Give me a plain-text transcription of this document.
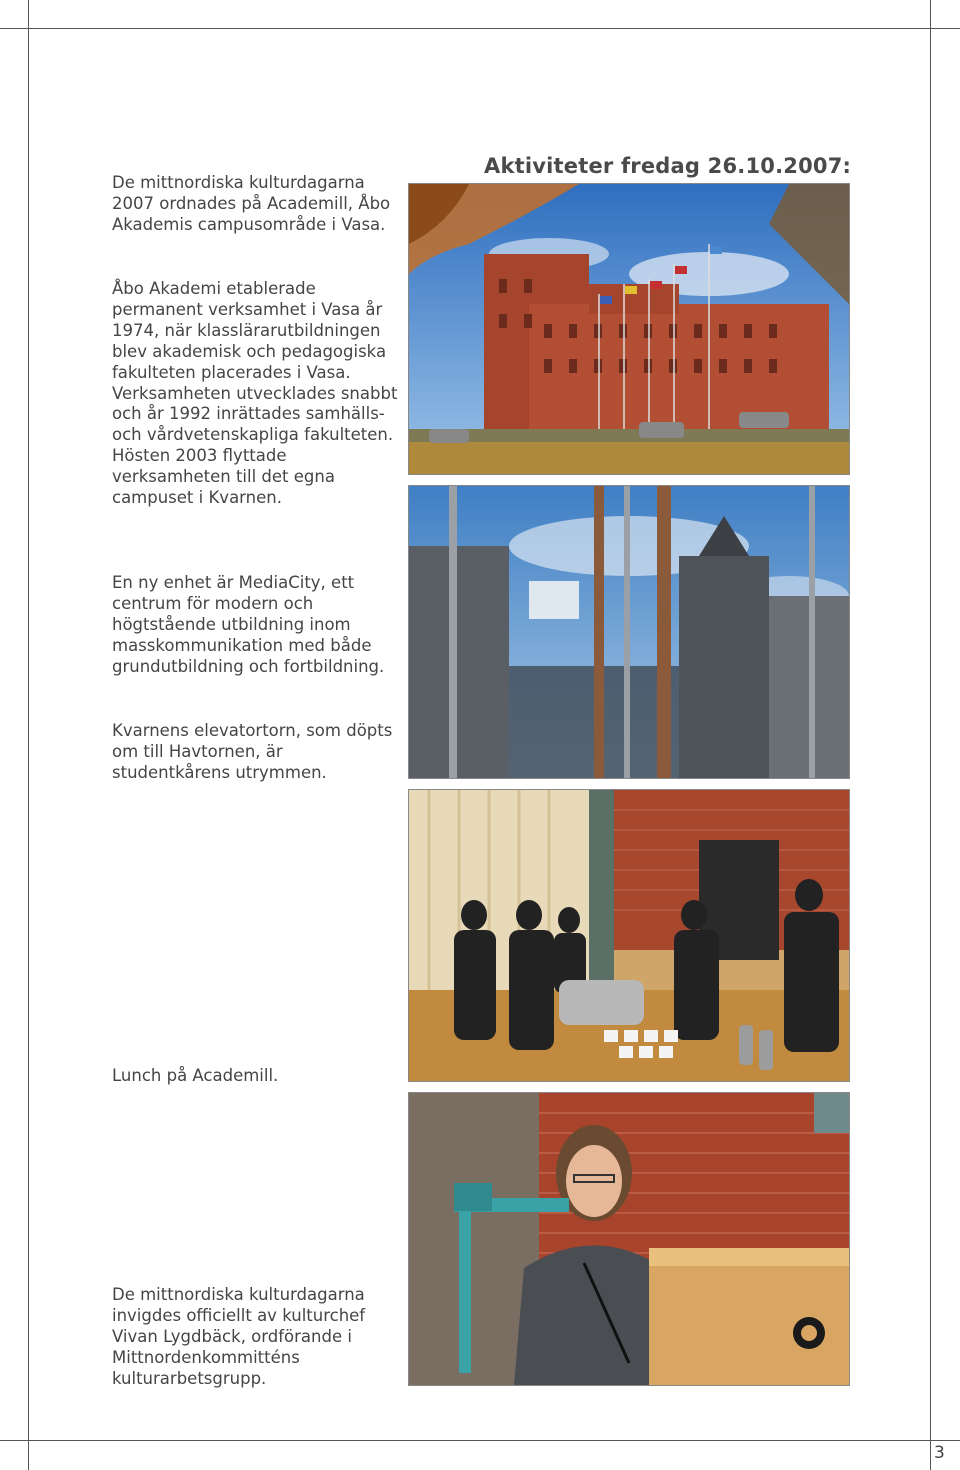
Aktiviteter fredag 26.10.2007:

De mittnordiska kulturdagarna 2007 ordnades på Academill, Åbo Akademis campusområde i Vasa.

Åbo Akademi etablerade permanent verksamhet i Vasa år 1974, när klasslärarutbildningen blev akademisk och pedagogiska fakulteten placerades i Vasa. Verksamheten utvecklades snabbt och år 1992 inrättades samhälls- och vårdvetenskapliga fakulteten. Hösten 2003 flyttade verksamheten till det egna campuset i Kvarnen.

En ny enhet är MediaCity, ett centrum för modern och högtstående utbildning inom masskommunikation med både grundutbildning och fortbildning.

Kvarnens elevatortorn, som döpts om till Havtornen, är studentkårens utrymmen.

Lunch på Academill.

De mittnordiska kulturdagarna invigdes officiellt av kulturchef Vivan Lygdbäck, ordförande i Mittnordenkommitténs kulturarbetsgrupp.

3
